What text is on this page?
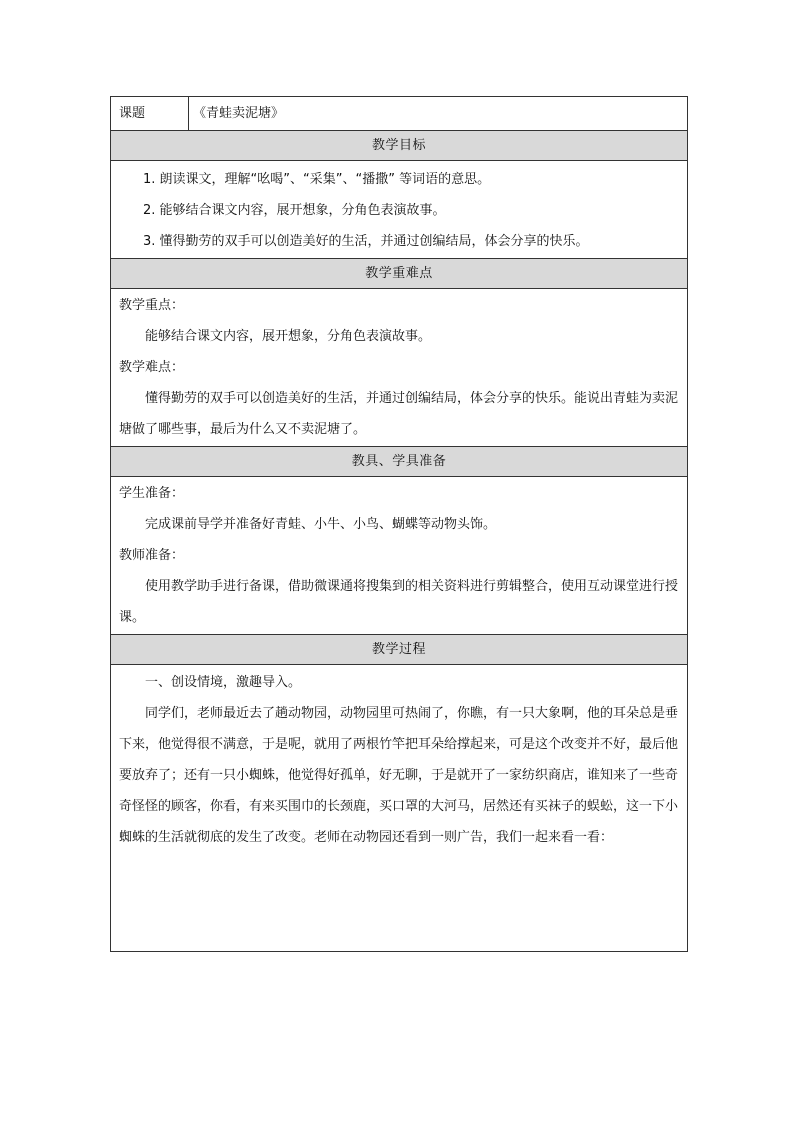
课题	《青蛙卖泥塘》
教学目标

1. 朗读课文，理解“吆喝”、“采集”、“播撒” 等词语的意思。
2. 能够结合课文内容，展开想象，分角色表演故事。
3. 懂得勤劳的双手可以创造美好的生活，并通过创编结局，体会分享的快乐。

教学重难点

教学重点：
能够结合课文内容，展开想象，分角色表演故事。
教学难点：
懂得勤劳的双手可以创造美好的生活，并通过创编结局，体会分享的快乐。能说出青蛙为卖泥塘做了哪些事，最后为什么又不卖泥塘了。

教具、学具准备

学生准备：
完成课前导学并准备好青蛙、小牛、小鸟、蝴蝶等动物头饰。
教师准备：
使用教学助手进行备课，借助微课通将搜集到的相关资料进行剪辑整合，使用互动课堂进行授课。

教学过程

一、创设情境，激趣导入。
同学们，老师最近去了趟动物园，动物园里可热闹了，你瞧，有一只大象啊，他的耳朵总是垂下来，他觉得很不满意，于是呢，就用了两根竹竿把耳朵给撑起来，可是这个改变并不好，最后他要放弃了；还有一只小蜘蛛，他觉得好孤单，好无聊，于是就开了一家纺织商店，谁知来了一些奇奇怪怪的顾客，你看，有来买围巾的长颈鹿，买口罩的大河马，居然还有买袜子的蜈蚣，这一下小蜘蛛的生活就彻底的发生了改变。老师在动物园还看到一则广告，我们一起来看一看：
